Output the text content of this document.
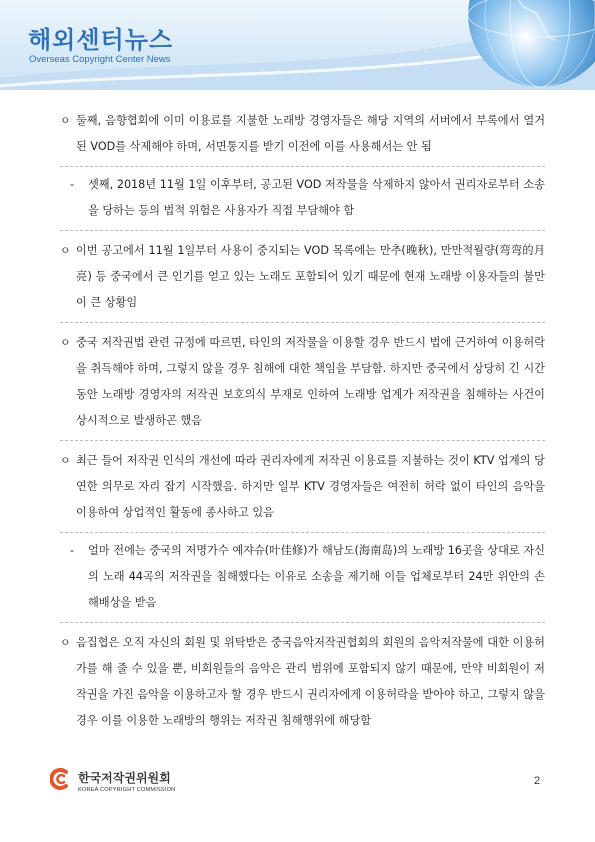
해외센터뉴스
Overseas Copyright Center News
ㅇ 둘째, 음향협회에 이미 이용료를 지불한 노래방 경영자들은 해당 지역의 서버에서 부록에서 열거된 VOD를 삭제해야 하며, 서면통지를 받기 이전에 이를 사용해서는 안 됨
- 셋째, 2018년 11월 1일 이후부터, 공고된 VOD 저작물을 삭제하지 않아서 권리자로부터 소송을 당하는 등의 법적 위험은 사용자가 직접 부담해야 함
ㅇ 이번 공고에서 11월 1일부터 사용이 중지되는 VOD 목록에는 만추(晚秋), 만만적월량(弯弯的月亮) 등 중국에서 큰 인기를 얻고 있는 노래도 포함되어 있기 때문에 현재 노래방 이용자들의 불만이 큰 상황임
ㅇ 중국 저작권법 관련 규정에 따르면, 타인의 저작물을 이용할 경우 반드시 법에 근거하여 이용허락을 취득해야 하며, 그렇지 않을 경우 침해에 대한 책임을 부담함. 하지만 중국에서 상당히 긴 시간 동안 노래방 경영자의 저작권 보호의식 부재로 인하여 노래방 업계가 저작권을 침해하는 사건이 상시적으로 발생하곤 했음
ㅇ 최근 들어 저작권 인식의 개선에 따라 권리자에게 저작권 이용료를 지불하는 것이 KTV 업계의 당연한 의무로 자리 잡기 시작했음. 하지만 일부 KTV 경영자들은 여전히 허락 없이 타인의 음악을 이용하여 상업적인 활동에 종사하고 있음
- 얼마 전에는 중국의 저명가수 예쟈슈(叶佳修)가 해남도(海南岛)의 노래방 16곳을 상대로 자신의 노래 44곡의 저작권을 침해했다는 이유로 소송을 제기해 이들 업체로부터 24만 위안의 손해배상을 받음
ㅇ 음집협은 오직 자신의 회원 및 위탁받은 중국음악저작권협회의 회원의 음악저작물에 대한 이용허가를 해 줄 수 있을 뿐, 비회원들의 음악은 관리 범위에 포함되지 않기 때문에, 만약 비회원이 저작권을 가진 음악을 이용하고자 할 경우 반드시 권리자에게 이용허락을 받아야 하고, 그렇지 않을 경우 이를 이용한 노래방의 행위는 저작권 침해행위에 해당함
한국저작권위원회
KOREA COPYRIGHT COMMISSION
2
